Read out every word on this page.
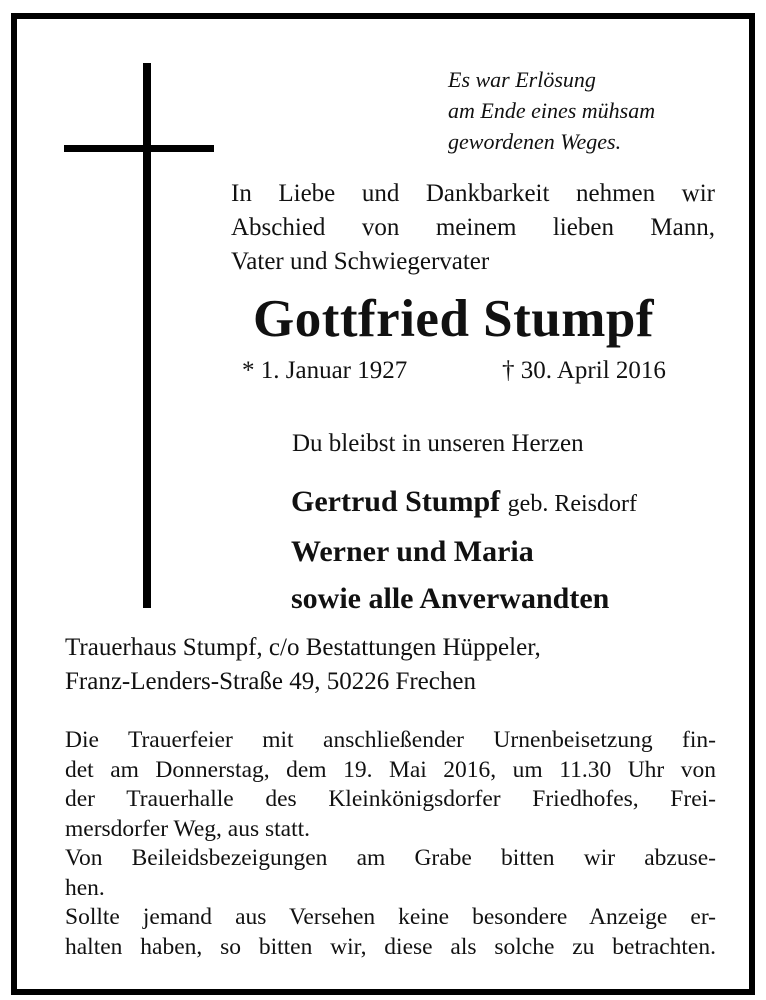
Es war Erlösung
am Ende eines mühsam
gewordenen Weges.
In Liebe und Dankbarkeit nehmen wir
Abschied von meinem lieben Mann,
Vater und Schwiegervater
Gottfried Stumpf
* 1. Januar 1927	† 30. April 2016
Du bleibst in unseren Herzen
Gertrud Stumpf geb. Reisdorf
Werner und Maria
sowie alle Anverwandten
Trauerhaus Stumpf, c/o Bestattungen Hüppeler,
Franz-Lenders-Straße 49, 50226 Frechen
Die Trauerfeier mit anschließender Urnenbeisetzung fin-
det am Donnerstag, dem 19. Mai 2016, um 11.30 Uhr von
der Trauerhalle des Kleinkönigsdorfer Friedhofes, Frei-
mersdorfer Weg, aus statt.
Von Beileidsbezeigungen am Grabe bitten wir abzuse-
hen.
Sollte jemand aus Versehen keine besondere Anzeige er-
halten haben, so bitten wir, diese als solche zu betrachten.
